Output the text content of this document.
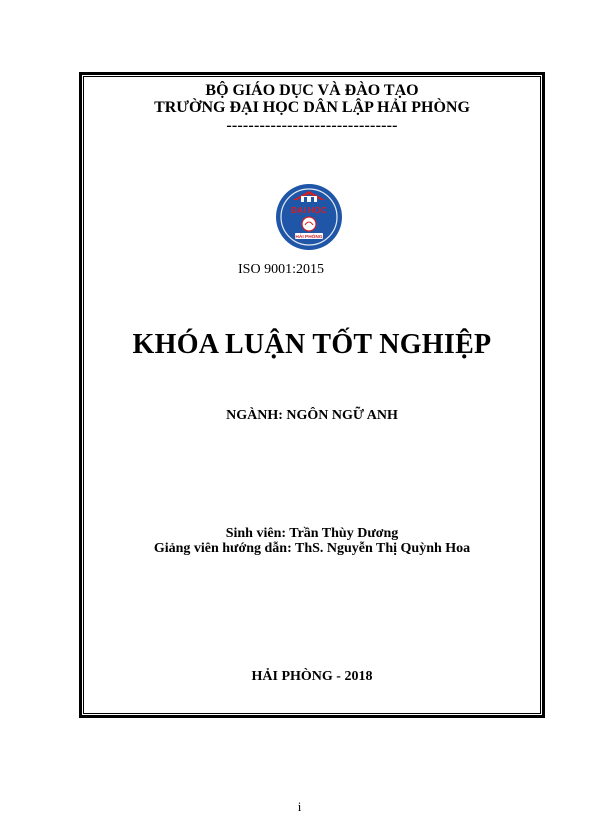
BỘ GIÁO DỤC VÀ ĐÀO TẠO
TRƯỜNG ĐẠI HỌC DÂN LẬP HẢI PHÒNG
-------------------------------
ĐẠI HỌC
HẢI PHÒNG
ISO 9001:2015
KHÓA LUẬN TỐT NGHIỆP
NGÀNH: NGÔN NGỮ ANH
Sinh viên: Trần Thùy Dương
Giảng viên hướng dẫn: ThS. Nguyễn Thị Quỳnh Hoa
HẢI PHÒNG - 2018
i
